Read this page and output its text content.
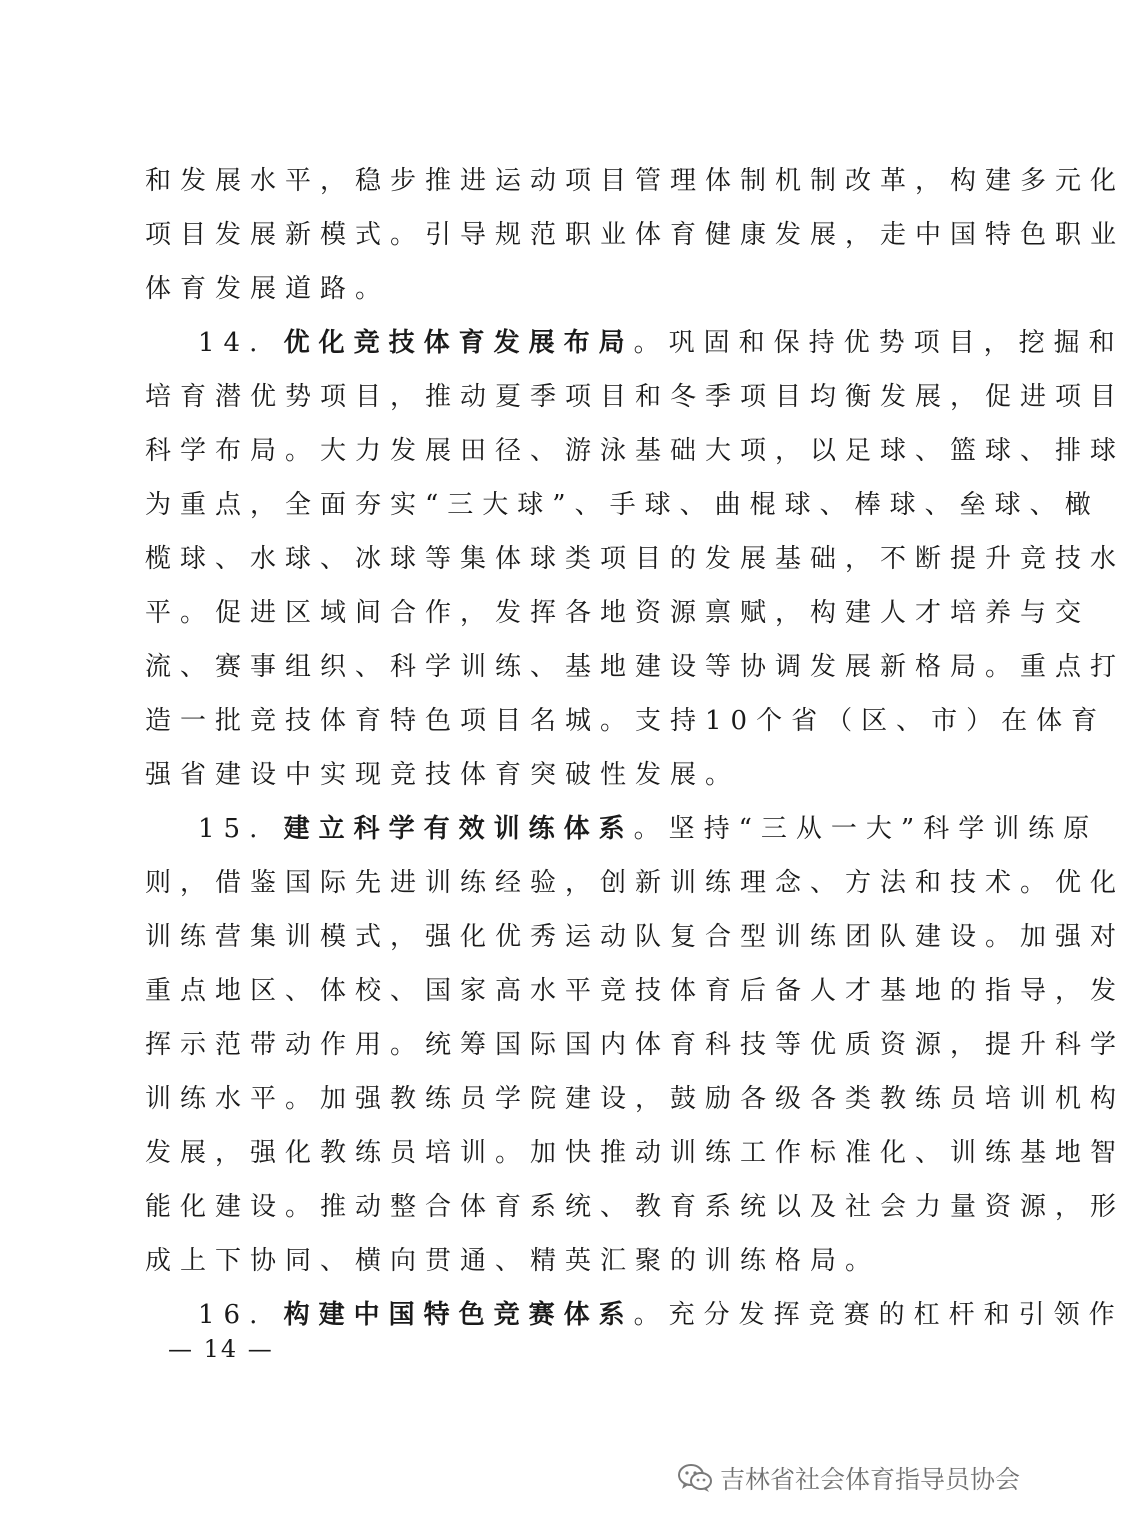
和发展水平，稳步推进运动项目管理体制机制改革，构建多元化
项目发展新模式。引导规范职业体育健康发展，走中国特色职业
体育发展道路。
14. 优化竞技体育发展布局。巩固和保持优势项目，挖掘和
培育潜优势项目，推动夏季项目和冬季项目均衡发展，促进项目
科学布局。大力发展田径、游泳基础大项，以足球、篮球、排球
为重点，全面夯实“三大球”、手球、曲棍球、棒球、垒球、橄
榄球、水球、冰球等集体球类项目的发展基础，不断提升竞技水
平。促进区域间合作，发挥各地资源禀赋，构建人才培养与交
流、赛事组织、科学训练、基地建设等协调发展新格局。重点打
造一批竞技体育特色项目名城。支持10个省（区、市）在体育
强省建设中实现竞技体育突破性发展。
15. 建立科学有效训练体系。坚持“三从一大”科学训练原
则，借鉴国际先进训练经验，创新训练理念、方法和技术。优化
训练营集训模式，强化优秀运动队复合型训练团队建设。加强对
重点地区、体校、国家高水平竞技体育后备人才基地的指导，发
挥示范带动作用。统筹国际国内体育科技等优质资源，提升科学
训练水平。加强教练员学院建设，鼓励各级各类教练员培训机构
发展，强化教练员培训。加快推动训练工作标准化、训练基地智
能化建设。推动整合体育系统、教育系统以及社会力量资源，形
成上下协同、横向贯通、精英汇聚的训练格局。
16. 构建中国特色竞赛体系。充分发挥竞赛的杠杆和引领作
— 14 —
吉林省社会体育指导员协会
